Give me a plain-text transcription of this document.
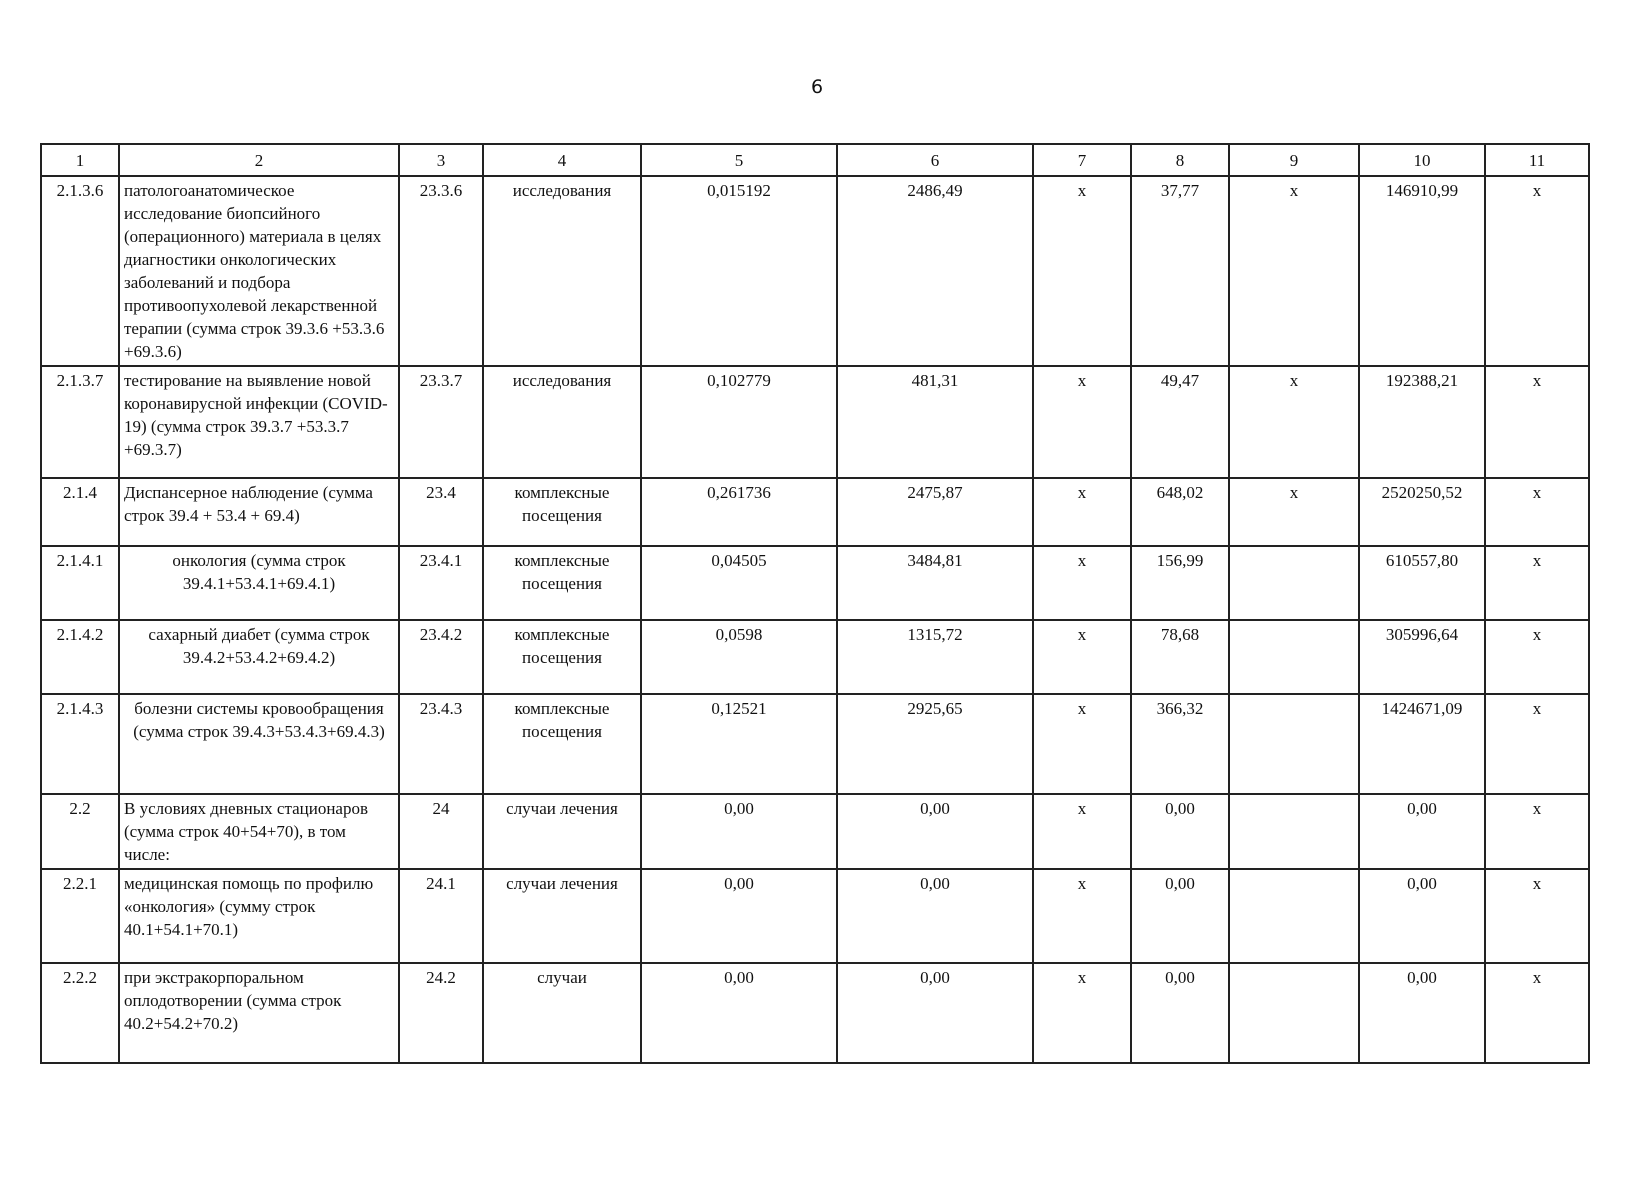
6
1	2	3	4	5	6	7	8	9	10	11
2.1.3.6	патологоанатомическое исследование биопсийного (операционного) материала в целях диагностики онкологических заболеваний и подбора противоопухолевой лекарственной терапии (сумма строк 39.3.6 +53.3.6 +69.3.6)	23.3.6	исследования	0,015192	2486,49	х	37,77	х	146910,99	х
2.1.3.7	тестирование на выявление новой коронавирусной инфекции (COVID-19) (сумма строк 39.3.7 +53.3.7 +69.3.7)	23.3.7	исследования	0,102779	481,31	х	49,47	х	192388,21	х
2.1.4	Диспансерное наблюдение (сумма строк 39.4 + 53.4 + 69.4)	23.4	комплексные посещения	0,261736	2475,87	х	648,02	х	2520250,52	х
2.1.4.1	онкология (сумма строк 39.4.1+53.4.1+69.4.1)	23.4.1	комплексные посещения	0,04505	3484,81	х	156,99		610557,80	х
2.1.4.2	сахарный диабет (сумма строк 39.4.2+53.4.2+69.4.2)	23.4.2	комплексные посещения	0,0598	1315,72	х	78,68		305996,64	х
2.1.4.3	болезни системы кровообращения (сумма строк 39.4.3+53.4.3+69.4.3)	23.4.3	комплексные посещения	0,12521	2925,65	х	366,32		1424671,09	х
2.2	В условиях дневных стационаров (сумма строк 40+54+70), в том числе:	24	случаи лечения	0,00	0,00	х	0,00		0,00	х
2.2.1	медицинская помощь по профилю «онкология» (сумму строк 40.1+54.1+70.1)	24.1	случаи лечения	0,00	0,00	х	0,00		0,00	х
2.2.2	при экстракорпоральном оплодотворении (сумма строк 40.2+54.2+70.2)	24.2	случаи	0,00	0,00	х	0,00		0,00	х
